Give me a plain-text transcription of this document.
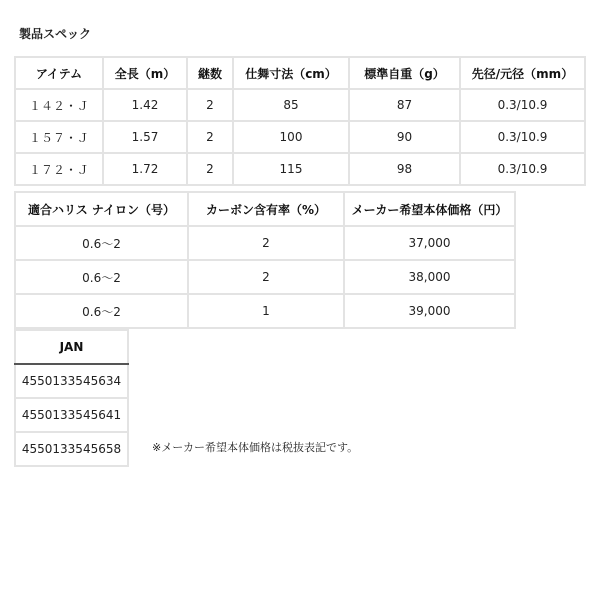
製品スペック
アイテム	全長（m）	継数	仕舞寸法（cm）	標準自重（g）	先径/元径（mm）
１４２・Ｊ	1.42	2	85	87	0.3/10.9
１５７・Ｊ	1.57	2	100	90	0.3/10.9
１７２・Ｊ	1.72	2	115	98	0.3/10.9
適合ハリス ナイロン（号）	カーボン含有率（%）	メーカー希望本体価格（円）
0.6〜2	2	37,000
0.6〜2	2	38,000
0.6〜2	1	39,000
JAN
4550133545634
4550133545641
4550133545658	※メーカー希望本体価格は税抜表記です。
